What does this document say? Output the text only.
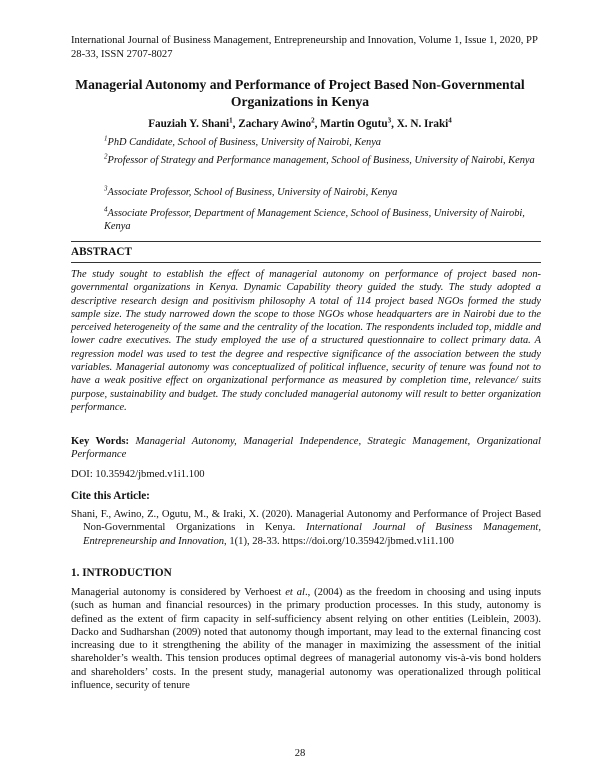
International Journal of Business Management, Entrepreneurship and Innovation, Volume 1, Issue 1, 2020, PP 28-33, ISSN 2707-8027
Managerial Autonomy and Performance of Project Based Non-Governmental Organizations in Kenya
Fauziah Y. Shani$^1$, Zachary Awino$^2$, Martin Ogutu$^3$, X. N. Iraki$^4$
$^1$PhD Candidate, School of Business, University of Nairobi, Kenya
$^2$Professor of Strategy and Performance management, School of Business, University of Nairobi, Kenya
$^3$Associate Professor, School of Business, University of Nairobi, Kenya
$^4$Associate Professor, Department of Management Science, School of Business, University of Nairobi, Kenya
ABSTRACT
The study sought to establish the effect of managerial autonomy on performance of project based non-governmental organizations in Kenya. Dynamic Capability theory guided the study. The study adopted a descriptive research design and positivism philosophy A total of 114 project based NGOs formed the study sample size. The study narrowed down the scope to those NGOs whose headquarters are in Nairobi due to the perceived heterogeneity of the same and the centrality of the location. The respondents included top, middle and lower cadre executives. The study employed the use of a structured questionnaire to collect primary data. A regression model was used to test the degree and respective significance of the association between the study variables. Managerial autonomy was conceptualized of political influence, security of tenure was found not to have a weak positive effect on organizational performance as measured by completion time, relevance/ suits purpose, sustainability and budget. The study concluded managerial autonomy will result to better organization performance.
Key Words: Managerial Autonomy, Managerial Independence, Strategic Management, Organizational Performance
DOI: 10.35942/jbmed.v1i1.100
Cite this Article:
Shani, F., Awino, Z., Ogutu, M., & Iraki, X. (2020). Managerial Autonomy and Performance of Project Based Non-Governmental Organizations in Kenya. International Journal of Business Management, Entrepreneurship and Innovation, 1(1), 28-33. https://doi.org/10.35942/jbmed.v1i1.100
1. INTRODUCTION
Managerial autonomy is considered by Verhoest et al., (2004) as the freedom in choosing and using inputs (such as human and financial resources) in the primary production processes. In this study, autonomy is defined as the extent of firm capacity in self-sufficiency absent relying on other entities (Leiblein, 2003). Dacko and Sudharshan (2009) noted that autonomy though important, may lead to the external financing cost increasing due to it strengthening the ability of the manager in maximizing the assessment of the initial shareholder’s wealth. This tension produces optimal degrees of managerial autonomy vis-à-vis bond holders and shareholders’ costs. In the present study, managerial autonomy was operationalized through political influence, security of tenure
28
